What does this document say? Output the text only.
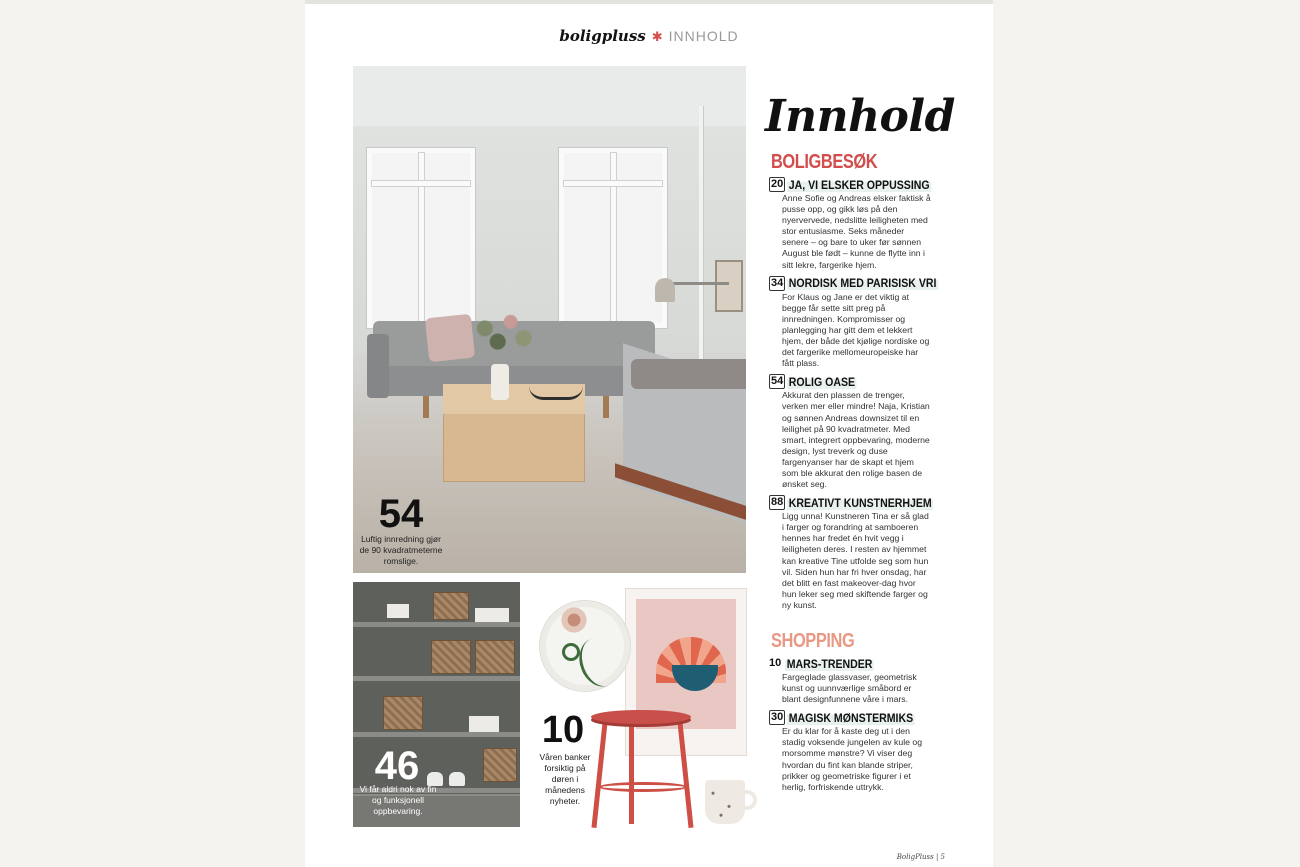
boligpluss ✱ INNHOLD
54
Luftig innredning gjør de 90 kvadratmeterne romslige.
46
Vi får aldri nok av fin og funksjonell oppbevaring.
10
Våren banker forsiktig på døren i månedens nyheter.
Innhold
BOLIGBESØK
20 JA, VI ELSKER OPPUSSING
Anne Sofie og Andreas elsker faktisk å pusse opp, og gikk løs på den nyervervede, nedslitte leiligheten med stor entusiasme. Seks måneder senere – og bare to uker før sønnen August ble født – kunne de flytte inn i sitt lekre, fargerike hjem.
34 NORDISK MED PARISISK VRI
For Klaus og Jane er det viktig at begge får sette sitt preg på innredningen. Kompromisser og planlegging har gitt dem et lekkert hjem, der både det kjølige nordiske og det fargerike mellomeuropeiske har fått plass.
54 ROLIG OASE
Akkurat den plassen de trenger, verken mer eller mindre! Naja, Kristian og sønnen Andreas downsizet til en leilighet på 90 kvadratmeter. Med smart, integrert oppbevaring, moderne design, lyst treverk og duse fargenyanser har de skapt et hjem som ble akkurat den rolige basen de ønsket seg.
88 KREATIVT KUNSTNERHJEM
Ligg unna! Kunstneren Tina er så glad i farger og forandring at samboeren hennes har fredet én hvit vegg i leiligheten deres. I resten av hjemmet kan kreative Tine utfolde seg som hun vil. Siden hun har fri hver onsdag, har det blitt en fast makeover-dag hvor hun leker seg med skiftende farger og ny kunst.
SHOPPING
10 MARS-TRENDER
Fargeglade glassvaser, geometrisk kunst og uunnværlige småbord er blant designfunnene våre i mars.
30 MAGISK MØNSTERMIKS
Er du klar for å kaste deg ut i den stadig voksende jungelen av kule og morsomme mønstre? Vi viser deg hvordan du fint kan blande striper, prikker og geometriske figurer i et herlig, forfriskende uttrykk.
BoligPluss | 5
